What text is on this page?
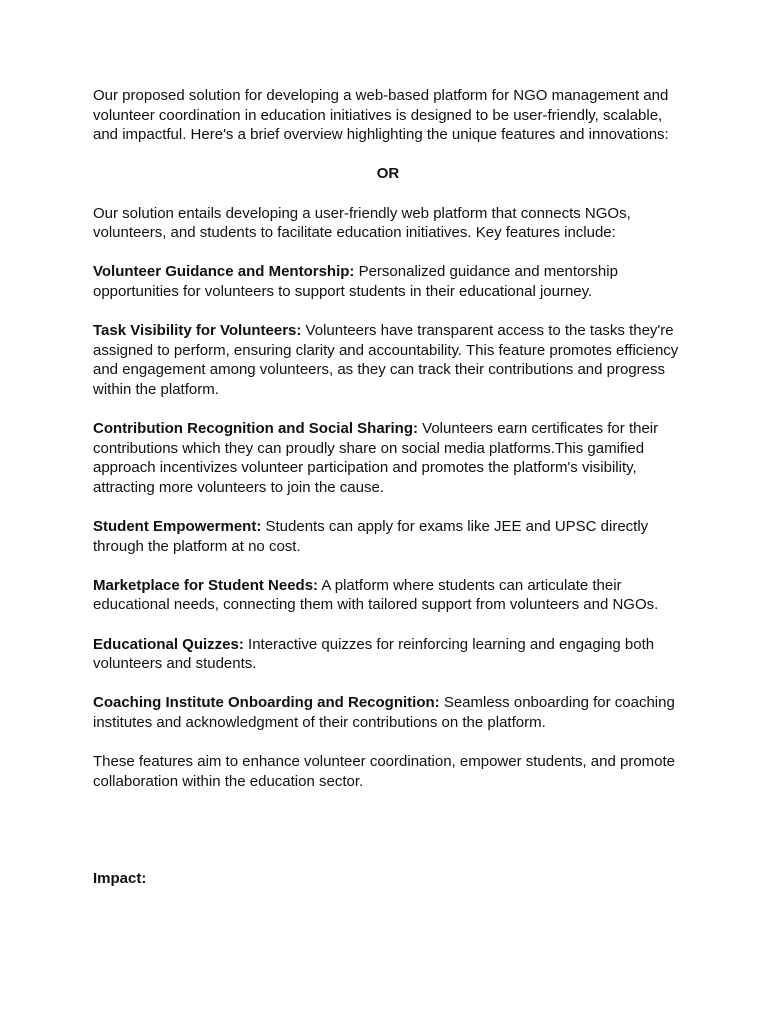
Our proposed solution for developing a web-based platform for NGO management and volunteer coordination in education initiatives is designed to be user-friendly, scalable, and impactful. Here's a brief overview highlighting the unique features and innovations:

OR

Our solution entails developing a user-friendly web platform that connects NGOs, volunteers, and students to facilitate education initiatives. Key features include:

Volunteer Guidance and Mentorship: Personalized guidance and mentorship opportunities for volunteers to support students in their educational journey.

Task Visibility for Volunteers: Volunteers have transparent access to the tasks they're assigned to perform, ensuring clarity and accountability. This feature promotes efficiency and engagement among volunteers, as they can track their contributions and progress within the platform.

Contribution Recognition and Social Sharing: Volunteers earn certificates for their contributions which they can proudly share on social media platforms.This gamified approach incentivizes volunteer participation and promotes the platform's visibility, attracting more volunteers to join the cause.

Student Empowerment: Students can apply for exams like JEE and UPSC directly through the platform at no cost.

Marketplace for Student Needs: A platform where students can articulate their educational needs, connecting them with tailored support from volunteers and NGOs.

Educational Quizzes: Interactive quizzes for reinforcing learning and engaging both volunteers and students.

Coaching Institute Onboarding and Recognition: Seamless onboarding for coaching institutes and acknowledgment of their contributions on the platform.

These features aim to enhance volunteer coordination, empower students, and promote collaboration within the education sector.

Impact:
